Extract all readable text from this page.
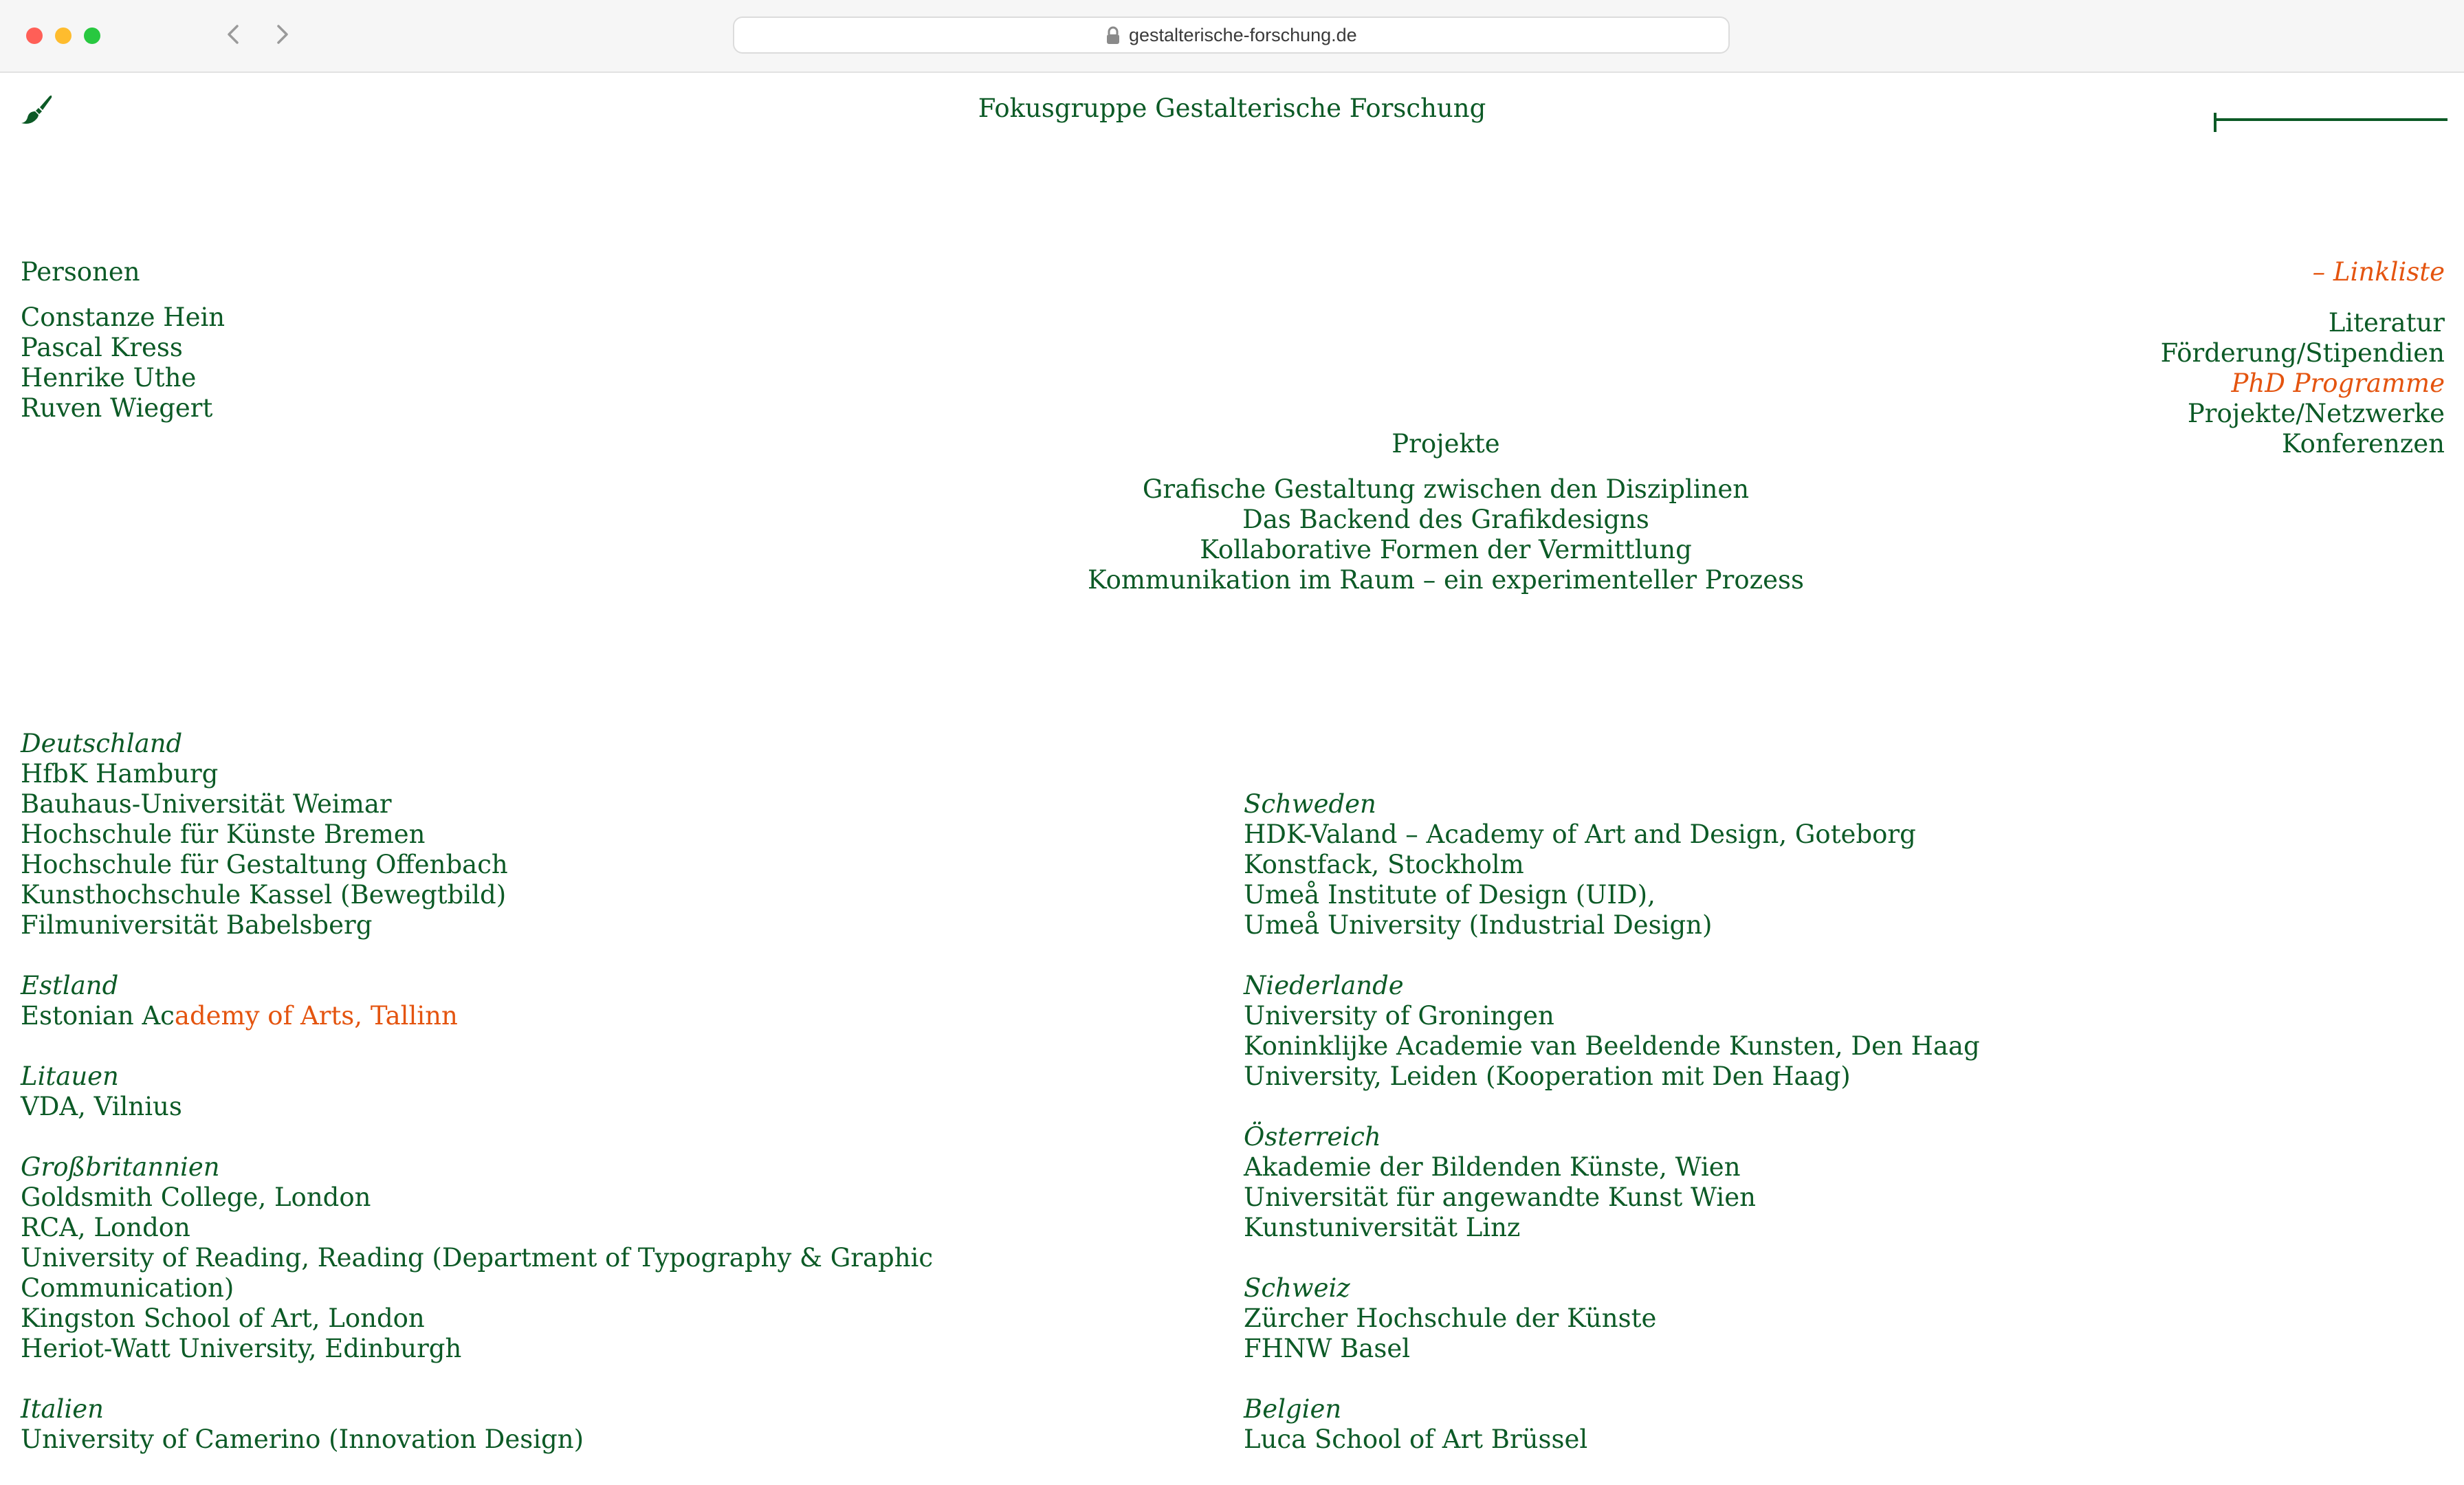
gestalterische-forschung.de
Fokusgruppe Gestalterische Forschung
Personen
Constanze Hein
Pascal Kress
Henrike Uthe
Ruven Wiegert
Projekte
Grafische Gestaltung zwischen den Disziplinen
Das Backend des Grafikdesigns
Kollaborative Formen der Vermittlung
Kommunikation im Raum – ein experimenteller Prozess
– Linkliste
Literatur
Förderung/Stipendien
PhD Programme
Projekte/Netzwerke
Konferenzen
Deutschland
HfbK Hamburg
Bauhaus-Universität Weimar
Hochschule für Künste Bremen
Hochschule für Gestaltung Offenbach
Kunsthochschule Kassel (Bewegtbild)
Filmuniversität Babelsberg
Estland
Estonian Academy of Arts, Tallinn
Litauen
VDA, Vilnius
Großbritannien
Goldsmith College, London
RCA, London
University of Reading, Reading (Department of Typography & Graphic
Communication)
Kingston School of Art, London
Heriot-Watt University, Edinburgh
Italien
University of Camerino (Innovation Design)
Schweden
HDK-Valand – Academy of Art and Design, Goteborg
Konstfack, Stockholm
Umeå Institute of Design (UID),
Umeå University (Industrial Design)
Niederlande
University of Groningen
Koninklijke Academie van Beeldende Kunsten, Den Haag
University, Leiden (Kooperation mit Den Haag)
Österreich
Akademie der Bildenden Künste, Wien
Universität für angewandte Kunst Wien
Kunstuniversität Linz
Schweiz
Zürcher Hochschule der Künste
FHNW Basel
Belgien
Luca School of Art Brüssel
